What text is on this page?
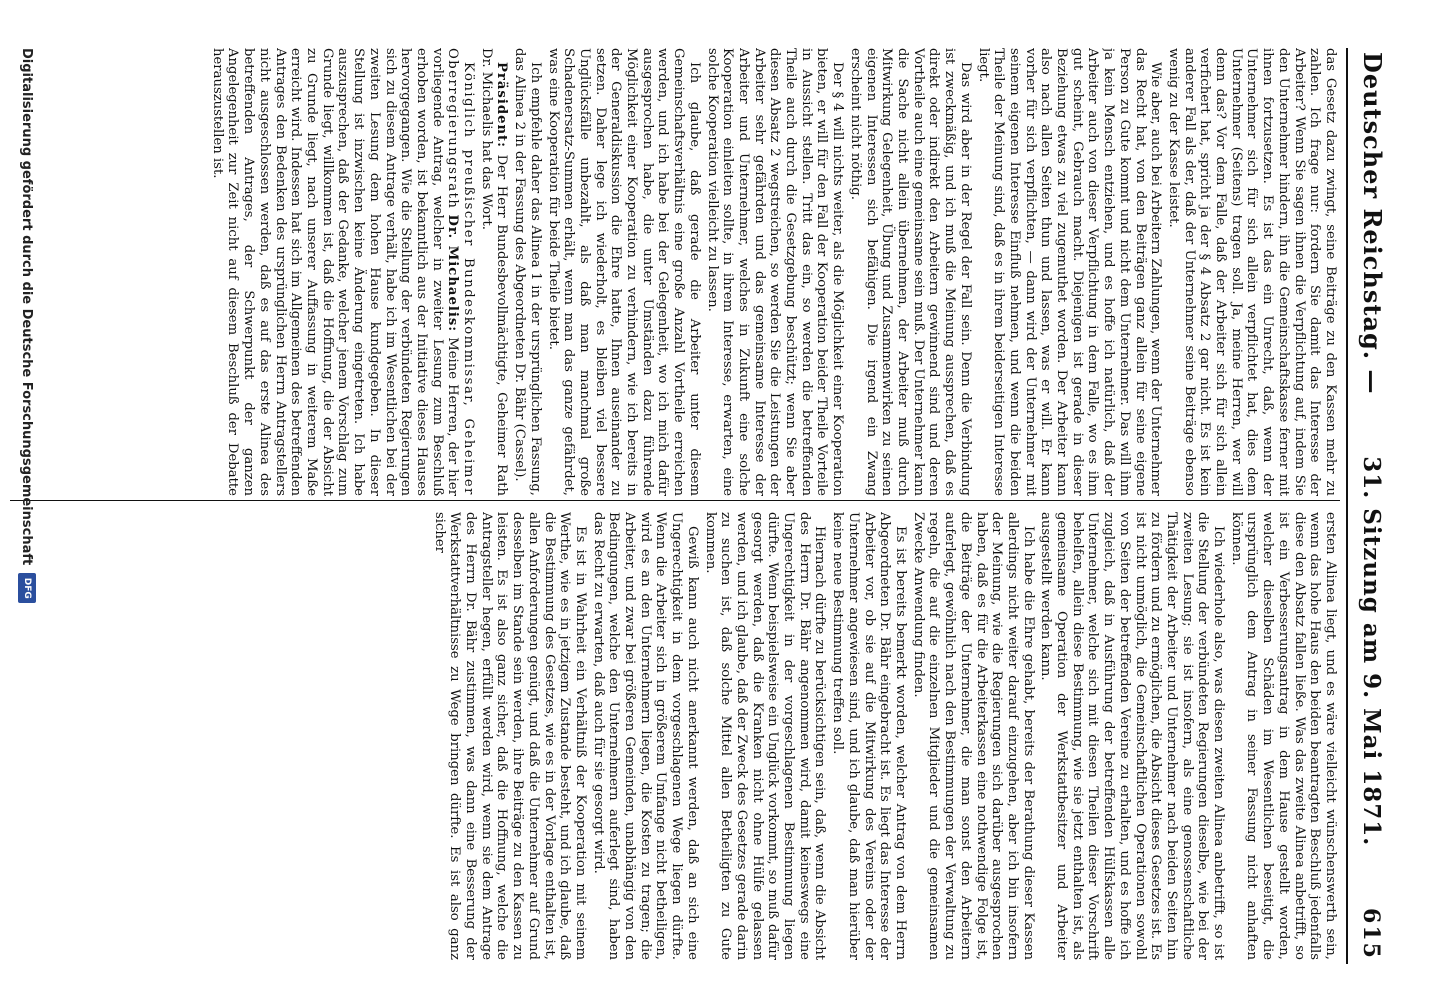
Deutscher Reichstag. —
31. Sitzung am 9. Mai 1871.
615

das Gesetz dazu zwingt, seine Beiträge zu den Kassen mehr zu zahlen. Ich frage nur: fordern Sie damit das Interesse der Arbeiter? Wenn Sie sagen ihnen die Verpflichtung auf, indem Sie den Unternehmer hindern, ihn die Gemeinschaftskasse ferner mit ihnen fortzusetzen. Es ist das ein Unrecht, daß, wenn der Unternehmer sich für sich allein verpflichtet hat, dies dem Unternehmer (Seitens) tragen soll. Ja, meine Herren, wer will denn das? Vor dem Falle, daß der Arbeiter sich für sich allein verfichert hat, spricht ja der § 4 Absatz 2 gar nicht. Es ist kein anderer Fall als der, daß der Unternehmer seine Beiträge ebenso wenig zu der Kasse leistet.

Wie aber, auch bei Arbeitern Zahlungen, wenn der Unternehmer das Recht hat, von den Beiträgen ganz allein für seine eigene Person zu Gute kommt und nicht dem Unternehmer. Das will ihm ja kein Mensch entziehen, und es hoffe ich natürlich, daß der Arbeiter auch von dieser Verpflichtung in dem Falle, wo es ihm gut scheint, Gebrauch macht. Diejenigen ist gerade in dieser Beziehung etwas zu viel zugemuthet worden. Der Arbeiter kann also nach allen Seiten thun und lassen, was er will. Er kann vorher für sich verpflichten, — dann wird der Unternehmer mit seinem eigenen Interesse Einfluß nehmen, und wenn die beiden Theile der Meinung sind, daß es in ihrem beiderseitigen Interesse liegt.

Das wird aber in der Regel der Fall sein. Denn die Verbindung ist zweckmäßig, und ich muß die Meinung aussprechen, daß es direkt oder indirekt den Arbeitern gewinnend sind und deren Vortheile auch eine gemeinsame sein muß. Der Unternehmer kann die Sache nicht allein übernehmen, der Arbeiter muß durch Mitwirkung Gelegenheit, Übung und Zusammenwirken zu seinen eigenen Interessen sich befähigen. Die irgend ein Zwang erscheint nicht nöthig.

Der § 4 will nichts weiter, als die Möglichkeit einer Kooperation bieten, er will für den Fall der Kooperation beider Theile Vorteile in Aussicht stellen. Tritt das ein, so werden die betreffenden Theile auch durch die Gesetzgebung beschützt; wenn Sie aber diesen Absatz 2 wegstreichen, so werden Sie die Leistungen der Arbeiter sehr gefährden und das gemeinsame Interesse der Arbeiter und Unternehmer, welches in Zukunft eine solche Kooperation einleiten sollte, in ihrem Interesse, erwarten, eine solche Kooperation vielleicht zu lassen.

Ich glaube, daß gerade die Arbeiter unter diesem Gemeinschaftsverhältnis eine große Anzahl Vortheile erreichen werden, und ich habe bei der Gelegenheit, wo ich mich dafür ausgesprochen habe, die unter Umständen dazu führende Möglichkeit einer Kooperation zu verhindern, wie ich bereits in der Generaldiskussion die Ehre hatte, Ihnen auseinander zu setzen. Daher lege ich wiederholt, es bleiben viel bessere Unglücksfälle unbezahlt, als daß man manchmal große Schadenersatz-Summen erhält, wenn man das ganze gefährdet, was eine Kooperation für beide Theile bietet.

Ich empfehle daher das Alinea 1 in der ursprünglichen Fassung, das Alinea 2 in der Fassung des Abgeordneten Dr. Bähr (Cassel).

Präsident: Der Herr Bundesbevollmächtigte, Geheimer Rath Dr. Michaelis hat das Wort.

Königlich preußischer Bundeskommissar, Geheimer Oberregierungsrath Dr. Michaelis: Meine Herren, der hier vorliegende Antrag, welcher in zweiter Lesung zum Beschluß erhoben worden, ist bekanntlich aus der Initiative dieses Hauses hervorgegangen. Wie die Stellung der verbündeten Regierungen sich zu diesem Antrage verhält, habe ich im Wesentlichen bei der zweiten Lesung dem hohen Hause kundgegeben. In dieser Stellung ist inzwischen keine Änderung eingetreten. Ich habe auszusprechen, daß der Gedanke, welcher jenem Vorschlag zum Grunde liegt, willkommen ist, daß die Hoffnung, die der Absicht zu Grunde liegt, nach unserer Auffassung in weiterem Maße erreicht wird. Indessen hat sich im Allgemeinen des betreffenden Antrages den Bedenken des ursprünglichen Herrn Antragstellers nicht ausgeschlossen werden, daß es auf das erste Alinea des betreffenden Antrages, der Schwerpunkt der ganzen Angelegenheit zur Zeit nicht auf diesem Beschluß der Debatte herauszustellen ist.

ersten Alinea liegt, und es wäre vielleicht wünschenswerth sein, wenn das hohe Haus den beiden beantragten Beschluß jedenfalls diese den Absatz fallen ließe. Was das zweite Alinea anbetrifft, so ist ein Verbesserungsantrag in dem Hause gestellt worden, welcher dieselben Schäden im Wesentlichen beseitigt, die ursprünglich dem Antrag in seiner Fassung nicht anhaften können.

Ich wiederhole also, was diesen zweiten Alinea anbetrifft, so ist die Stellung der verbündeten Regierungen dieselbe, wie bei der zweiten Lesung; sie ist insofern, als eine genossenschaftliche Thätigkeit der Arbeiter und Unternehmer nach beiden Seiten hin zu fördern und zu ermöglichen, die Absicht dieses Gesetzes ist. Es ist nicht unmöglich, die Gemeinschaftlichen Operationen sowohl von Seiten der betreffenden Vereine zu erhalten, und es hoffe ich zugleich, daß in Ausführung der betreffenden Hülfskassen alle Unternehmer, welche sich mit diesen Theilen dieser Vorschrift behelfen, allein diese Bestimmung, wie sie jetzt enthalten ist, als gemeinsame Operation der Werkstattbesitzer und Arbeiter ausgestellt werden kann.

Ich habe die Ehre gehabt, bereits der Berathung dieser Kassen allerdings nicht weiter darauf einzugehen, aber ich bin insofern der Meinung, wie die Regierungen sich darüber ausgesprochen haben, daß es für die Arbeiterkassen eine nothwendige Folge ist, die Beiträge der Unternehmer, die man sonst den Arbeitern auferlegt, gewöhnlich nach den Bestimmungen der Verwaltung zu regeln, die auf die einzelnen Mitglieder und die gemeinsamen Zwecke Anwendung finden.

Es ist bereits bemerkt worden, welcher Antrag von dem Herrn Abgeordneten Dr. Bähr eingebracht ist. Es liegt das Interesse der Arbeiter vor, ob sie auf die Mitwirkung des Vereins oder der Unternehmer angewiesen sind, und ich glaube, daß man hierüber keine neue Bestimmung treffen soll.

Hiernach dürfte zu berücksichtigen sein, daß, wenn die Absicht des Herrn Dr. Bähr angenommen wird, damit keineswegs eine Ungerechtigkeit in der vorgeschlagenen Bestimmung liegen dürfte. Wenn beispielsweise ein Unglück vorkommt, so muß dafür gesorgt werden, daß die Kranken nicht ohne Hülfe gelassen werden, und ich glaube, daß der Zweck des Gesetzes gerade darin zu suchen ist, daß solche Mittel allen Betheiligten zu Gute kommen.

Gewiß kann auch nicht anerkannt werden, daß an sich eine Ungerechtigkeit in dem vorgeschlagenen Wege liegen dürfte. Wenn die Arbeiter sich in größerem Umfange nicht betheiligen, wird es an den Unternehmern liegen, die Kosten zu tragen; die Arbeiter, und zwar bei größeren Gemeinden, unabhängig von den Bedingungen, welche den Unternehmern auferlegt sind, haben das Recht zu erwarten, daß auch für sie gesorgt wird.

Es ist in Wahrheit ein Verhältniß der Kooperation mit seinem Werthe, wie es in jetzigem Zustande besteht, und ich glaube, daß die Bestimmung des Gesetzes, wie es in der Vorlage enthalten ist, allen Anforderungen genügt, und daß die Unternehmer auf Grund desselben im Stande sein werden, ihre Beiträge zu den Kassen zu leisten. Es ist also ganz sicher, daß die Hoffnung, welche die Antragsteller hegen, erfüllt werden wird, wenn sie dem Antrage des Herrn Dr. Bähr zustimmen, was dann eine Besserung der Werkstattverhältnisse zu Wege bringen dürfte. Es ist also ganz sicher

Digitalisierung gefördert durch die Deutsche Forschungsgemeinschaft
DFG
